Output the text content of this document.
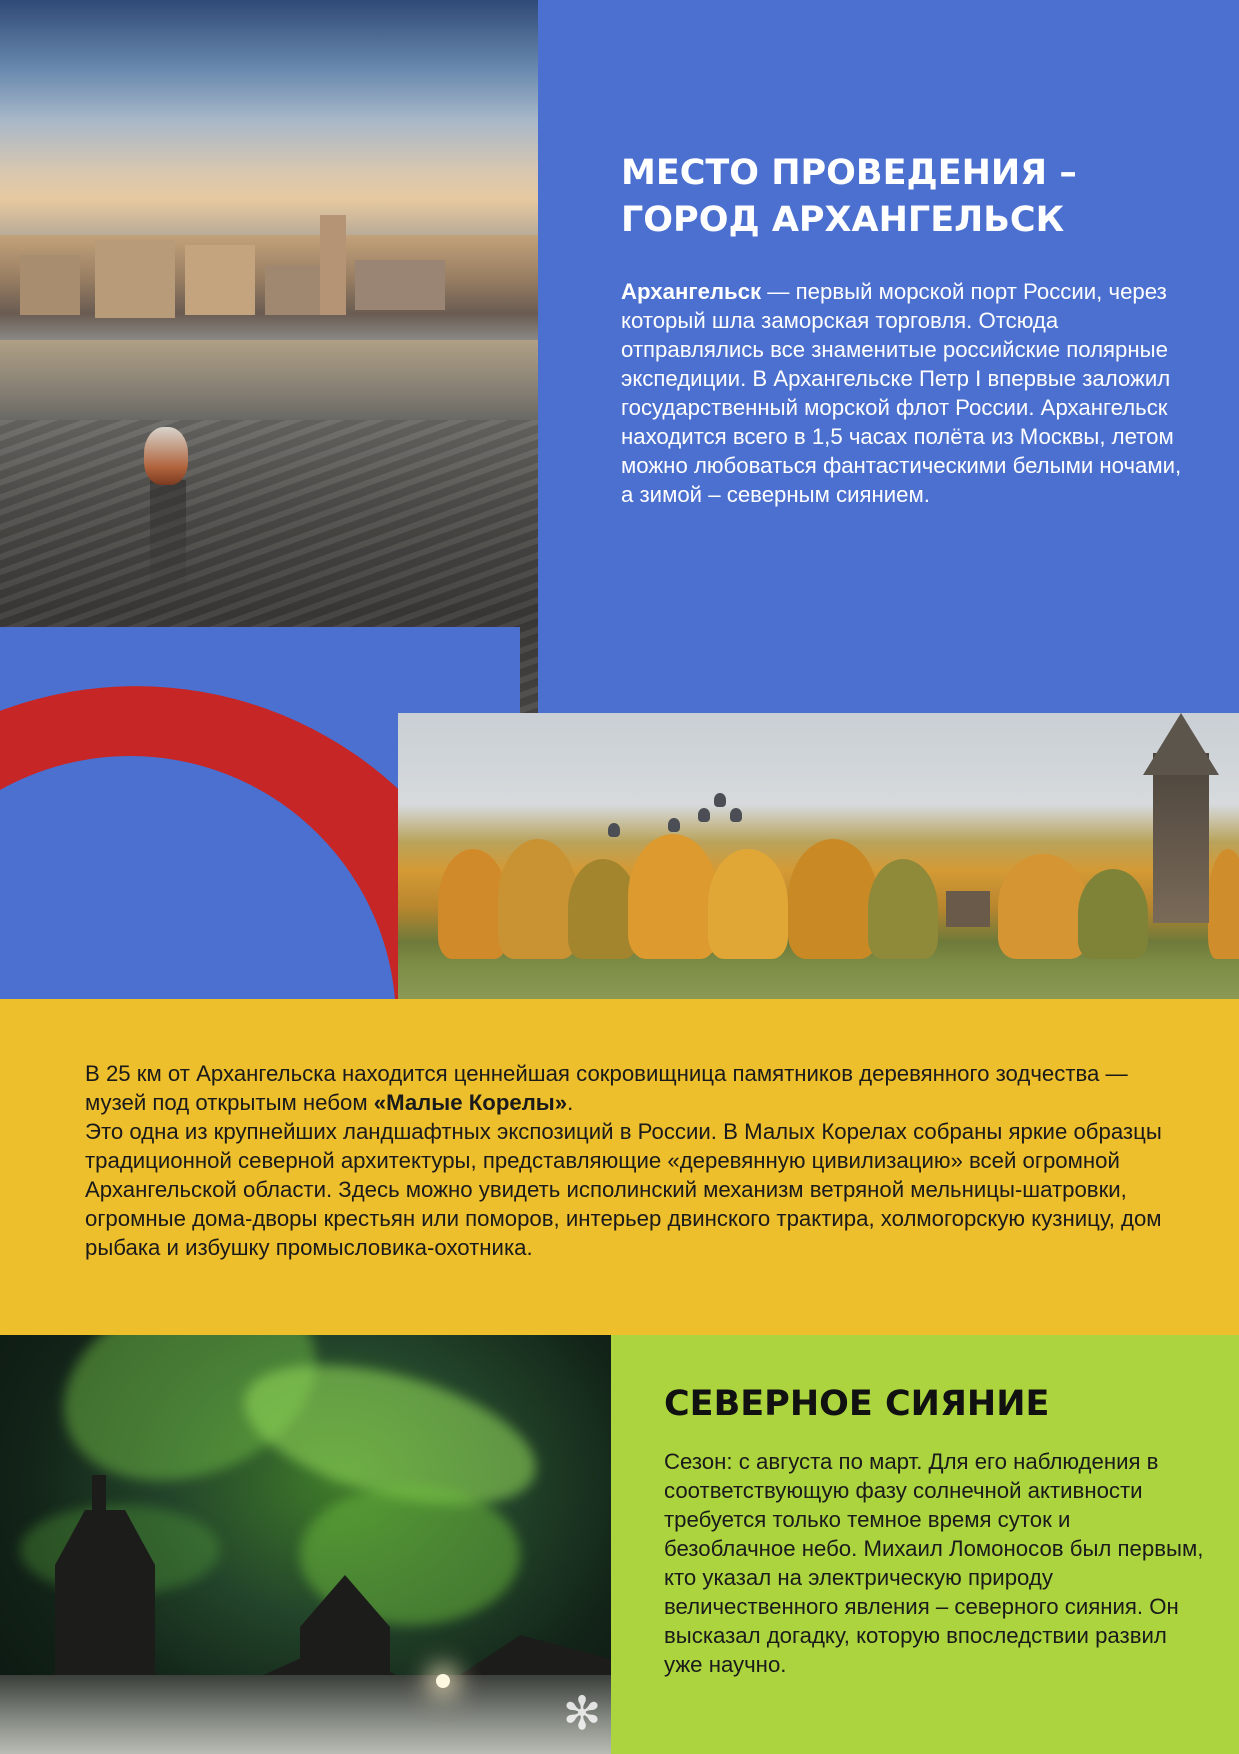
МЕСТО ПРОВЕДЕНИЯ –
ГОРОД АРХАНГЕЛЬСК

Архангельск — первый морской порт России, через который шла заморская торговля. Отсюда отправлялись все знаменитые российские полярные экспедиции. В Архангельске Петр I впервые заложил государственный морской флот России. Архангельск находится всего в 1,5 часах полёта из Москвы, летом можно любоваться фантастическими белыми ночами, а зимой – северным сиянием.

В 25 км от Архангельска находится ценнейшая сокровищница памятников деревянного зодчества — музей под открытым небом «Малые Корелы».
Это одна из крупнейших ландшафтных экспозиций в России. В Малых Корелах собраны яркие образцы традиционной северной архитектуры, представляющие «деревянную цивилизацию» всей огромной Архангельской области. Здесь можно увидеть исполинский механизм ветряной мельницы-шатровки, огромные дома-дворы крестьян или поморов, интерьер двинского трактира, холмогорскую кузницу, дом рыбака и избушку промысловика-охотника.

✻
СЕВЕРНОЕ СИЯНИЕ

Сезон: с августа по март. Для его наблюдения в соответствующую фазу солнечной активности требуется только темное время суток и безоблачное небо. Михаил Ломоносов был первым, кто указал на электрическую природу величественного явления – северного сияния. Он высказал догадку, которую впоследствии развил уже научно.
